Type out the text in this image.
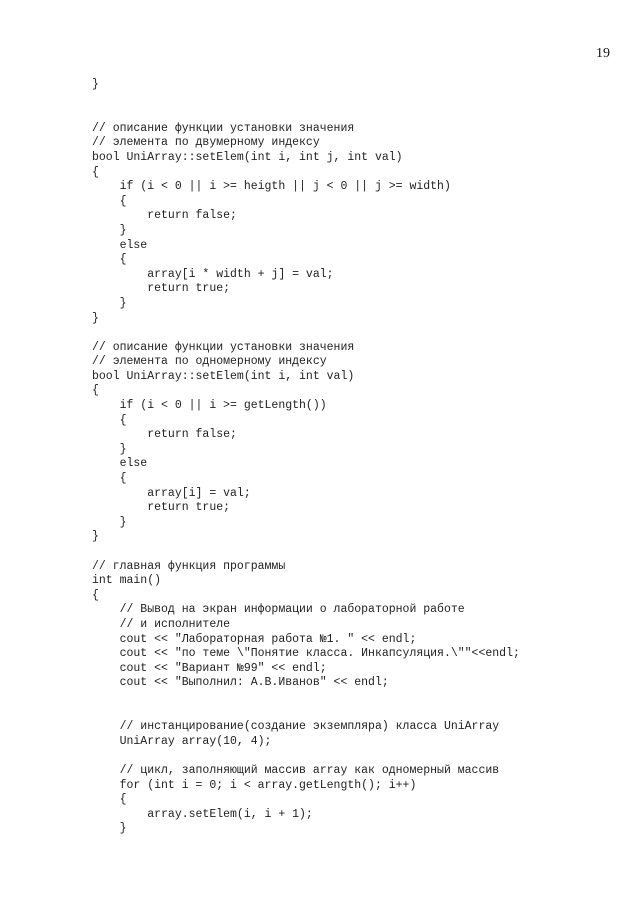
19
}
// описание функции установки значения
// элемента по двумерному индексу
bool UniArray::setElem(int i, int j, int val)
{
if (i < 0 || i >= heigth || j < 0 || j >= width)
{
return false;
}
else
{
array[i * width + j] = val;
return true;
}
}
// описание функции установки значения
// элемента по одномерному индексу
bool UniArray::setElem(int i, int val)
{
if (i < 0 || i >= getLength())
{
return false;
}
else
{
array[i] = val;
return true;
}
}
// главная функция программы
int main()
{
// Вывод на экран информации о лабораторной работе
// и исполнителе
cout << "Лабораторная работа №1. " << endl;
cout << "по теме \"Понятие класса. Инкапсуляция.\""<<endl;
cout << "Вариант №99" << endl;
cout << "Выполнил: А.В.Иванов" << endl;
// инстанцирование(создание экземпляра) класса UniArray
UniArray array(10, 4);
// цикл, заполняющий массив array как одномерный массив
for (int i = 0; i < array.getLength(); i++)
{
array.setElem(i, i + 1);
}
